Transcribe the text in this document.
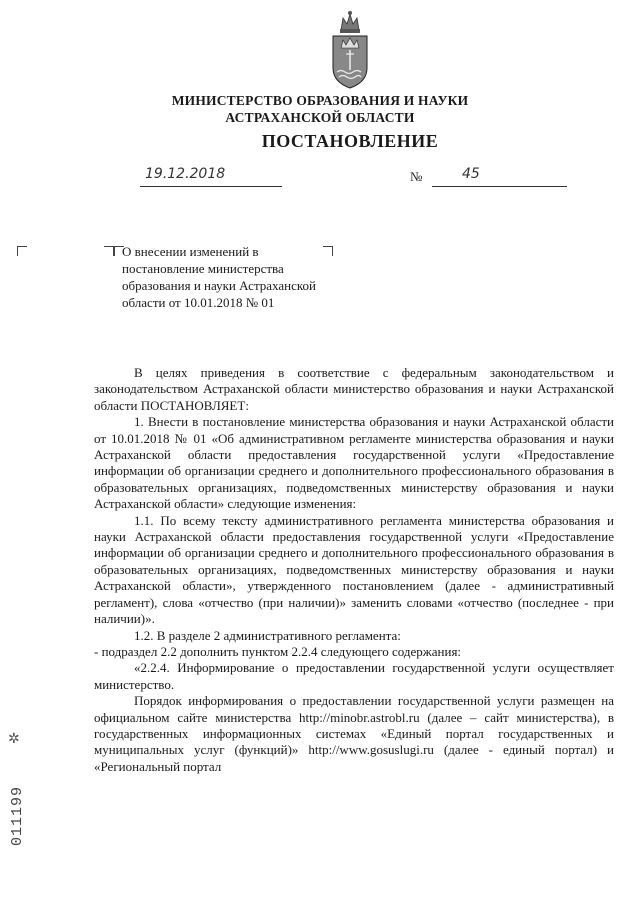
МИНИСТЕРСТВО ОБРАЗОВАНИЯ И НАУКИ
АСТРАХАНСКОЙ ОБЛАСТИ
ПОСТАНОВЛЕНИЕ
19.12.2018	№	45
О внесении изменений в
постановление министерства
образования и науки Астраханской
области от 10.01.2018 № 01

В целях приведения в соответствие с федеральным законодательством и законодательством Астраханской области министерство образования и науки Астраханской области ПОСТАНОВЛЯЕТ:

1. Внести в постановление министерства образования и науки Астраханской области от 10.01.2018 № 01 «Об административном регламенте министерства образования и науки Астраханской области предоставления государственной услуги «Предоставление информации об организации среднего и дополнительного профессионального образования в образовательных организациях, подведомственных министерству образования и науки Астраханской области» следующие изменения:

1.1. По всему тексту административного регламента министерства образования и науки Астраханской области предоставления государственной услуги «Предоставление информации об организации среднего и дополнительного профессионального образования в образовательных организациях, подведомственных министерству образования и науки Астраханской области», утвержденного постановлением (далее - административный регламент), слова «отчество (при наличии)» заменить словами «отчество (последнее - при наличии)».

1.2. В разделе 2 административного регламента:

- подраздел 2.2 дополнить пунктом 2.2.4 следующего содержания:

«2.2.4. Информирование о предоставлении государственной услуги осуществляет министерство.

Порядок информирования о предоставлении государственной услуги размещен на официальном сайте министерства http://minobr.astrobl.ru (далее – сайт министерства), в государственных информационных системах «Единый портал государственных и муниципальных услуг (функций)» http://www.gosuslugi.ru (далее - единый портал) и «Региональный портал

✲
011199
